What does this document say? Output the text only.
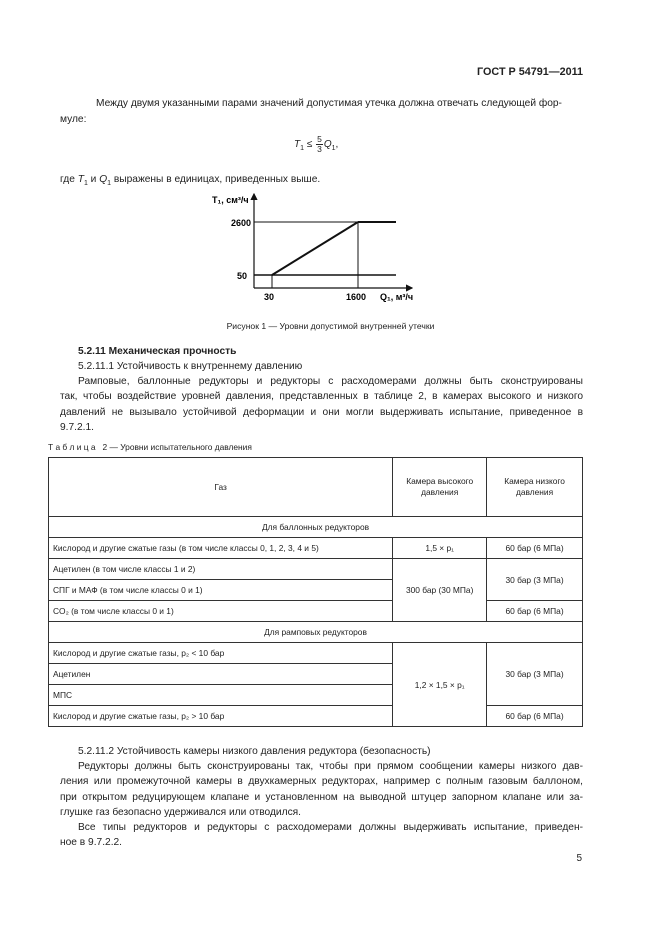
ГОСТ Р 54791—2011
Между двумя указанными парами значений допустимая утечка должна отвечать следующей фор-
муле:
$T_1 \le \frac{5}{3} Q_1$,
где $T_1$ и $Q_1$ выражены в единицах, приведенных выше.
T₁, см³/ч
2600
50
30	1600 Q₁, м³/ч
Рисунок 1 — Уровни допустимой внутренней утечки
5.2.11 Механическая прочность
5.2.11.1 Устойчивость к внутреннему давлению
Рамповые, баллонные редукторы и редукторы с расходомерами должны быть сконструированы
так, чтобы воздействие уровней давления, представленных в таблице 2, в камерах высокого и низкого
давлений не вызывало устойчивой деформации и они могли выдерживать испытание, приведенное в
9.7.2.1.
Т а б л и ц а   2 — Уровни испытательного давления
Газ	Камера высокого давления	Камера низкого давления
Для баллонных редукторов		
Кислород и другие сжатые газы (в том числе классы 0, 1, 2, 3, 4 и 5)	1,5 × p₁	60 бар (6 МПа)
Ацетилен (в том числе классы 1 и 2)	300 бар (30 МПа)	30 бар (3 МПа)
СПГ и МАФ (в том числе классы 0 и 1)		
CO₂ (в том числе классы 0 и 1)		60 бар (6 МПа)
Для рамповых редукторов		
Кислород и другие сжатые газы, p₂ < 10 бар	1,2 × 1,5 × p₁	30 бар (3 МПа)
Ацетилен		
МПС		
Кислород и другие сжатые газы, p₂ > 10 бар		60 бар (6 МПа)
5.2.11.2 Устойчивость камеры низкого давления редуктора (безопасность)
Редукторы должны быть сконструированы так, чтобы при прямом сообщении камеры низкого дав-
ления или промежуточной камеры в двухкамерных редукторах, например с полным газовым баллоном,
при открытом редуцирующем клапане и установленном на выводной штуцер запорном клапане или за-
глушке газ безопасно удерживался или отводился.
Все типы редукторов и редукторы с расходомерами должны выдерживать испытание, приведен-
ное в 9.7.2.2.
5
